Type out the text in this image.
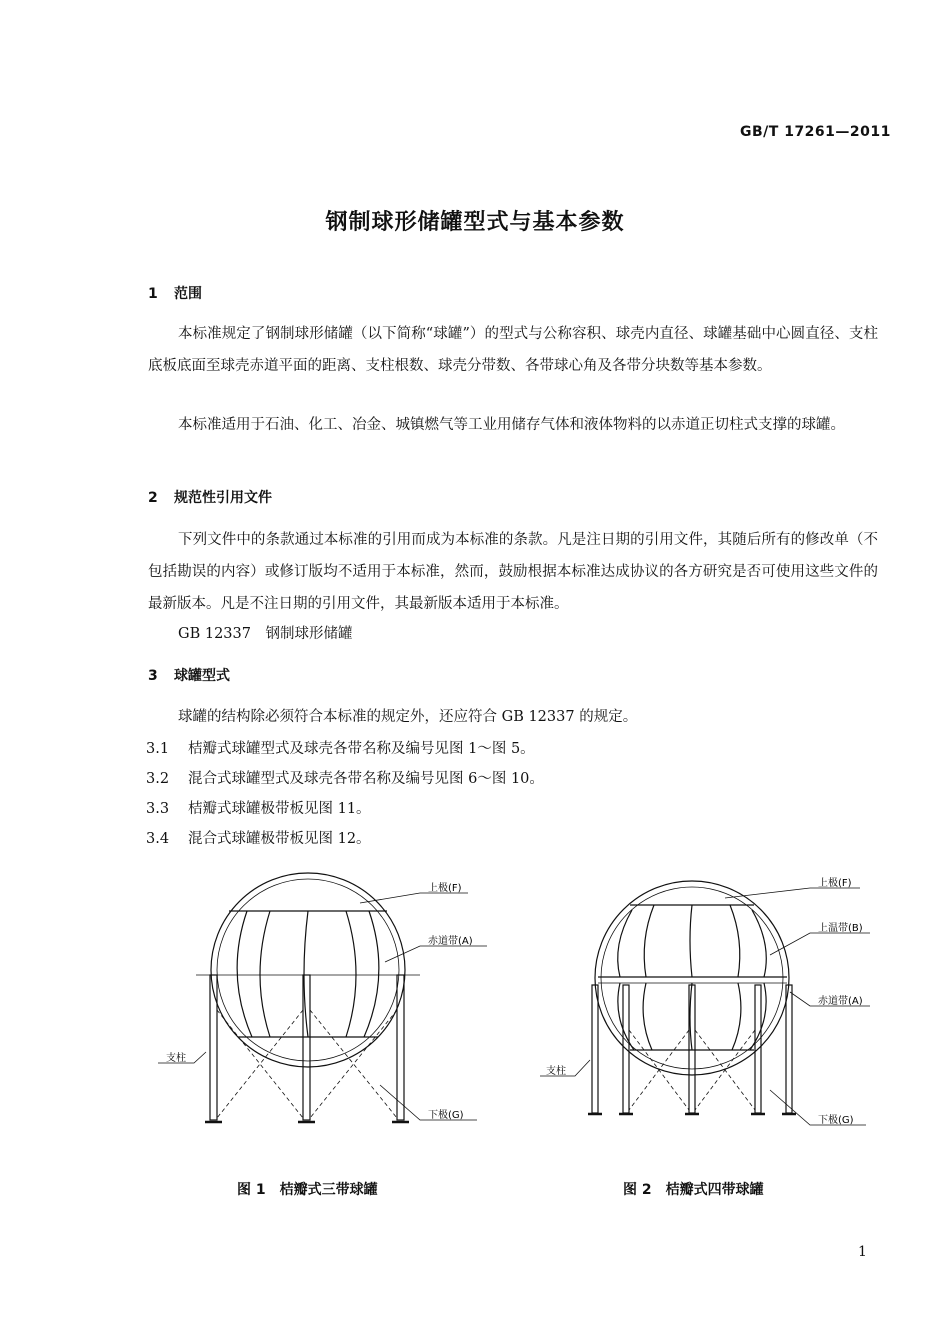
GB/T 17261—2011
钢制球形储罐型式与基本参数
1 范围
本标准规定了钢制球形储罐（以下简称“球罐”）的型式与公称容积、球壳内直径、球罐基础中心圆直径、支柱底板底面至球壳赤道平面的距离、支柱根数、球壳分带数、各带球心角及各带分块数等基本参数。
本标准适用于石油、化工、冶金、城镇燃气等工业用储存气体和液体物料的以赤道正切柱式支撑的球罐。
2 规范性引用文件
下列文件中的条款通过本标准的引用而成为本标准的条款。凡是注日期的引用文件，其随后所有的修改单（不包括勘误的内容）或修订版均不适用于本标准，然而，鼓励根据本标准达成协议的各方研究是否可使用这些文件的最新版本。凡是不注日期的引用文件，其最新版本适用于本标准。
GB 12337　钢制球形储罐
3 球罐型式
球罐的结构除必须符合本标准的规定外，还应符合 GB 12337 的规定。
3.1 桔瓣式球罐型式及球壳各带名称及编号见图 1～图 5。
3.2 混合式球罐型式及球壳各带名称及编号见图 6～图 10。
3.3 桔瓣式球罐极带板见图 11。
3.4 混合式球罐极带板见图 12。
上极(F)
赤道带(A)
支柱
下极(G)
上极(F)
上温带(B)
赤道带(A)
支柱
下极(G)
图 1　桔瓣式三带球罐	图 2　桔瓣式四带球罐
1
